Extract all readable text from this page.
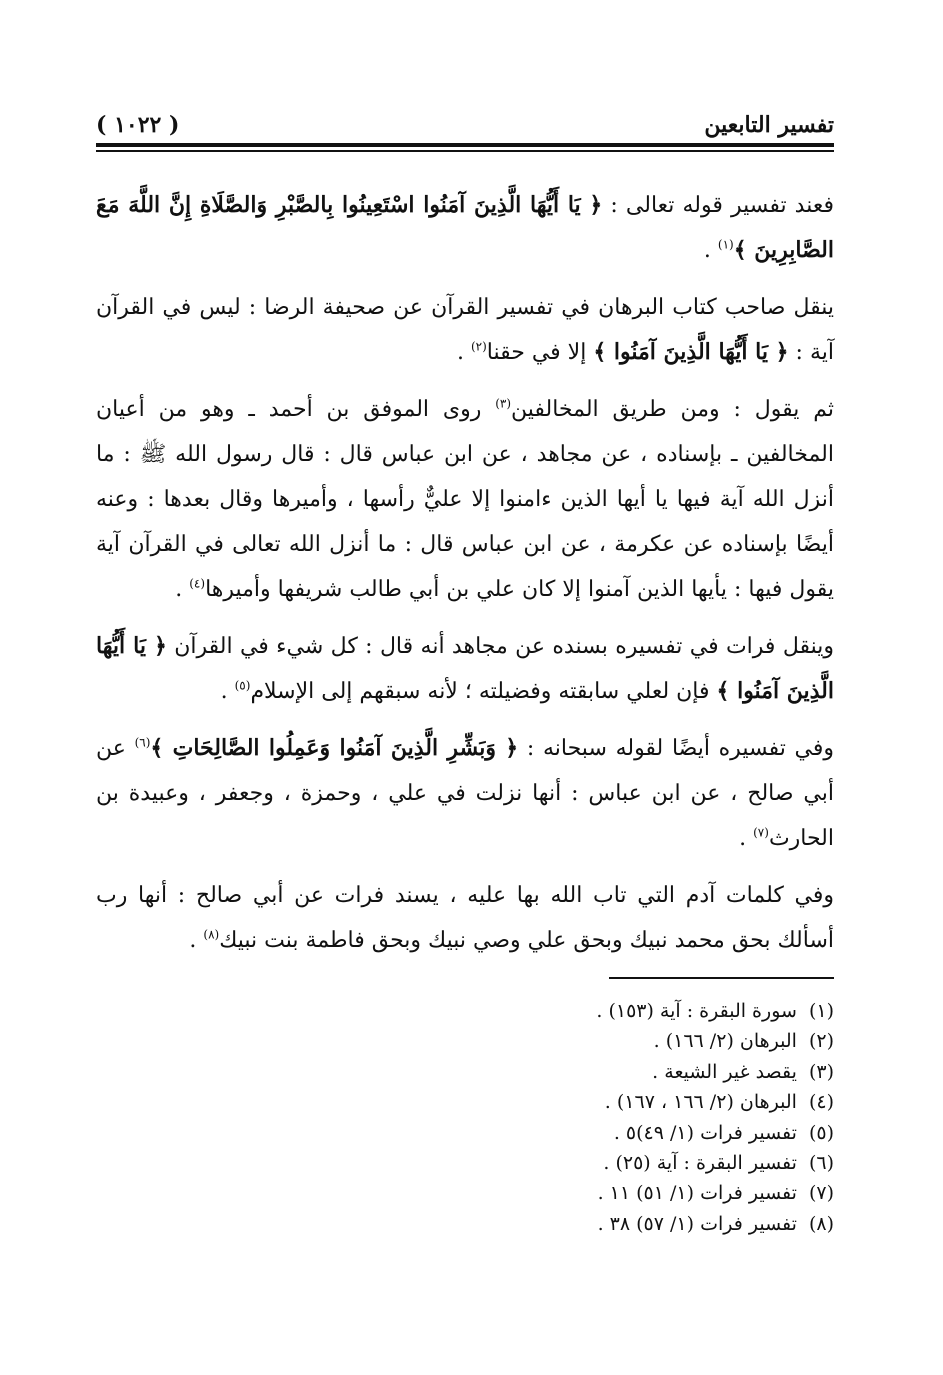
تفسير التابعين
( ١٠٢٢ )

فعند تفسير قوله تعالى : ﴿ يَا أَيُّهَا الَّذِينَ آمَنُوا اسْتَعِينُوا بِالصَّبْرِ وَالصَّلَاةِ إِنَّ اللَّهَ مَعَ الصَّابِرِينَ ﴾$^{(١)}$ .

ينقل صاحب كتاب البرهان في تفسير القرآن عن صحيفة الرضا : ليس في القرآن آية : ﴿ يَا أَيُّهَا الَّذِينَ آمَنُوا ﴾ إلا في حقنا$^{(٢)}$ .

ثم يقول : ومن طريق المخالفين$^{(٣)}$ روى الموفق بن أحمد ـ وهو من أعيان المخالفين ـ بإسناده ، عن مجاهد ، عن ابن عباس قال : قال رسول الله ﷺ : ما أنزل الله آية فيها يا أيها الذين ءامنوا إلا عليٌّ رأسها ، وأميرها وقال بعدها : وعنه أيضًا بإسناده عن عكرمة ، عن ابن عباس قال : ما أنزل الله تعالى في القرآن آية يقول فيها : يأيها الذين آمنوا إلا كان علي بن أبي طالب شريفها وأميرها$^{(٤)}$ .

وينقل فرات في تفسيره بسنده عن مجاهد أنه قال : كل شيء في القرآن ﴿ يَا أَيُّهَا الَّذِينَ آمَنُوا ﴾ فإن لعلي سابقته وفضيلته ؛ لأنه سبقهم إلى الإسلام$^{(٥)}$ .

وفي تفسيره أيضًا لقوله سبحانه : ﴿ وَبَشِّرِ الَّذِينَ آمَنُوا وَعَمِلُوا الصَّالِحَاتِ ﴾$^{(٦)}$ عن أبي صالح ، عن ابن عباس : أنها نزلت في علي ، وحمزة ، وجعفر ، وعبيدة بن الحارث$^{(٧)}$ .

وفي كلمات آدم التي تاب الله بها عليه ، يسند فرات عن أبي صالح : أنها رب أسألك بحق محمد نبيك وبحق علي وصي نبيك وبحق فاطمة بنت نبيك$^{(٨)}$ .

(١)سورة البقرة : آية (١٥٣) .

(٢)البرهان (٢/ ١٦٦) .

(٣)يقصد غير الشيعة .

(٤)البرهان (٢/ ١٦٦ ، ١٦٧) .

(٥)تفسير فرات (١/ ٤٩)٥ .

(٦)تفسير البقرة : آية (٢٥) .

(٧)تفسير فرات (١/ ٥١) ١١ .

(٨)تفسير فرات (١/ ٥٧) ٣٨ .
